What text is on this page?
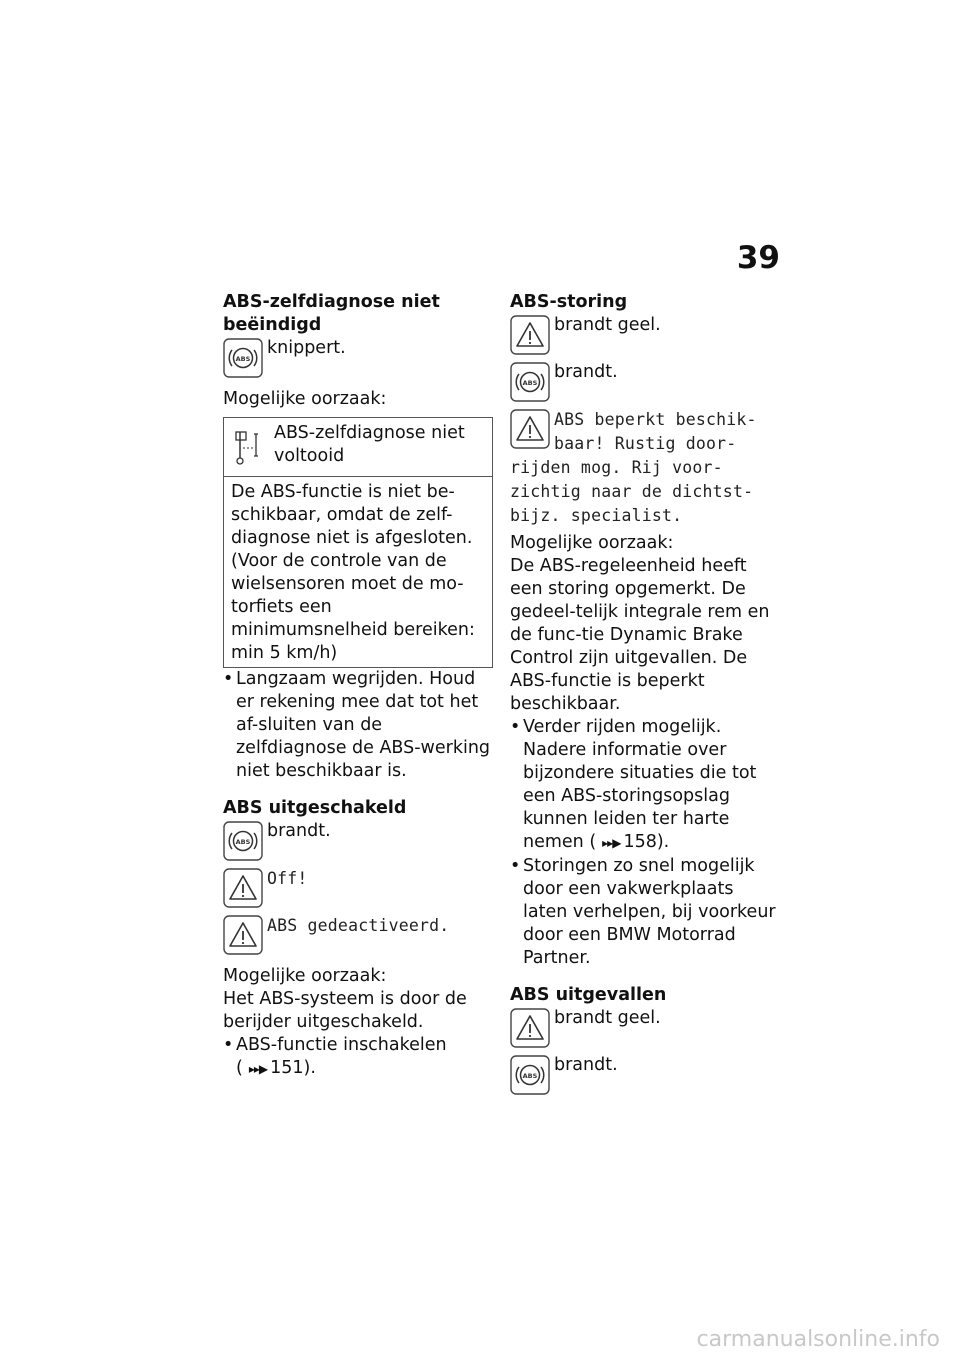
39

ABS-zelfdiagnose niet beëindigd

knippert.
Mogelijke oorzaak:
ABS-zelfdiagnose niet voltooid
De ABS-functie is niet be-schikbaar, omdat de zelf-diagnose niet is afgesloten. (Voor de controle van de wielsensoren moet de mo-torfiets een minimumsnelheid bereiken: min 5 km/h)
• Langzaam wegrijden. Houd er rekening mee dat tot het af-sluiten van de zelfdiagnose de ABS-werking niet beschikbaar is.

ABS uitgeschakeld

brandt.
Off!
ABS gedeactiveerd.
Mogelijke oorzaak:
Het ABS-systeem is door de berijder uitgeschakeld.
• ABS-functie inschakelen
( ▸▸▶ 151).

ABS-storing

brandt geel.
brandt.
ABS beperkt beschik-
baar! Rustig door-
rijden mog. Rij voor-
zichtig naar de dichtst-
bijz. specialist.
Mogelijke oorzaak:
De ABS-regeleenheid heeft een storing opgemerkt. De gedeel-telijk integrale rem en de func-tie Dynamic Brake Control zijn uitgevallen. De ABS-functie is beperkt beschikbaar.
• Verder rijden mogelijk. Nadere informatie over bijzondere situaties die tot een ABS-storingsopslag kunnen leiden ter harte nemen ( ▸▸▶ 158).
• Storingen zo snel mogelijk door een vakwerkplaats laten verhelpen, bij voorkeur door een BMW Motorrad Partner.

ABS uitgevallen

brandt geel.
brandt.
carmanualsonline.info
